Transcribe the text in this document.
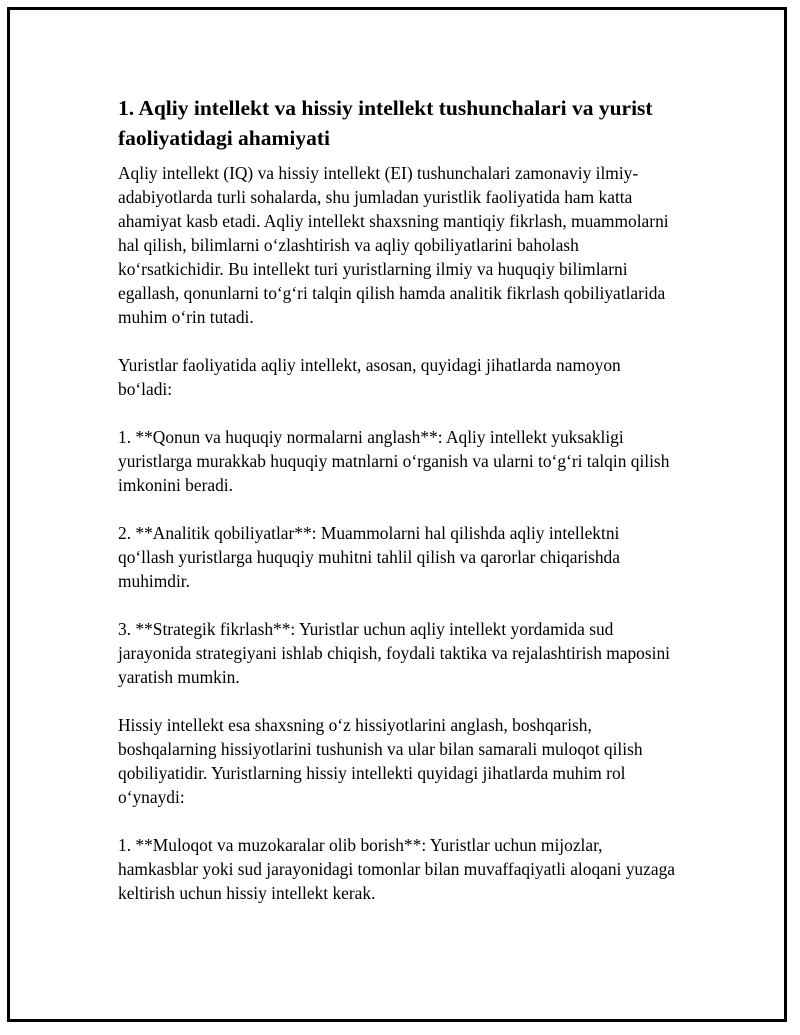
1. Aqliy intellekt va hissiy intellekt tushunchalari va yurist faoliyatidagi ahamiyati

Aqliy intellekt (IQ) va hissiy intellekt (EI) tushunchalari zamonaviy ilmiy-adabiyotlarda turli sohalarda, shu jumladan yuristlik faoliyatida ham katta ahamiyat kasb etadi. Aqliy intellekt shaxsning mantiqiy fikrlash, muammolarni hal qilish, bilimlarni oʻzlashtirish va aqliy qobiliyatlarini baholash koʻrsatkichidir. Bu intellekt turi yuristlarning ilmiy va huquqiy bilimlarni egallash, qonunlarni toʻgʻri talqin qilish hamda analitik fikrlash qobiliyatlarida muhim oʻrin tutadi.

Yuristlar faoliyatida aqliy intellekt, asosan, quyidagi jihatlarda namoyon boʻladi:

1. **Qonun va huquqiy normalarni anglash**: Aqliy intellekt yuksakligi yuristlarga murakkab huquqiy matnlarni oʻrganish va ularni toʻgʻri talqin qilish imkonini beradi.

2. **Analitik qobiliyatlar**: Muammolarni hal qilishda aqliy intellektni qoʻllash yuristlarga huquqiy muhitni tahlil qilish va qarorlar chiqarishda muhimdir.

3. **Strategik fikrlash**: Yuristlar uchun aqliy intellekt yordamida sud jarayonida strategiyani ishlab chiqish, foydali taktika va rejalashtirish maposini yaratish mumkin.

Hissiy intellekt esa shaxsning oʻz hissiyotlarini anglash, boshqarish, boshqalarning hissiyotlarini tushunish va ular bilan samarali muloqot qilish qobiliyatidir. Yuristlarning hissiy intellekti quyidagi jihatlarda muhim rol oʻynaydi:

1. **Muloqot va muzokaralar olib borish**: Yuristlar uchun mijozlar, hamkasblar yoki sud jarayonidagi tomonlar bilan muvaffaqiyatli aloqani yuzaga keltirish uchun hissiy intellekt kerak.
